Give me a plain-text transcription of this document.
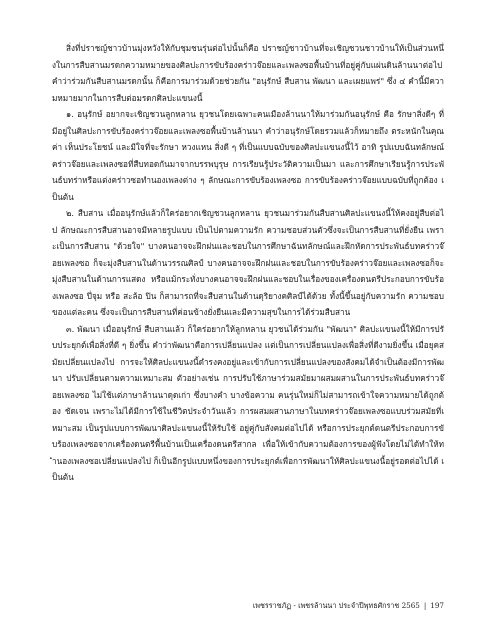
สิ่งที่ปราชญ์ชาวบ้านมุ่งหวังให้กับชุมชนรุ่นต่อไปนั้นก็คือ ปราชญ์ชาวบ้านที่จะเชิญชวนชาวบ้านให้เป็นส่วนหนึ่งในการสืบสานมรดกความหมายของศิลปะการขับร้องคร่าวจ๊อยและเพลงซอพื้นบ้านที่อยู่คู่กับแผ่นดินล้านนาต่อไป คำว่าร่วมกันสืบสานมรดกนั้น ก็คือการมาร่วมด้วยช่วยกัน "อนุรักษ์ สืบสาน พัฒนา และเผยแพร่" ซึ่ง ๔ คำนี้มีความหมายมากในการสืบต่อมรดกศิลปะแขนงนี้

๑. อนุรักษ์ อยากจะเชิญชวนลูกหลาน ยุวชนโดยเฉพาะคนเมืองล้านนาให้มาร่วมกันอนุรักษ์ คือ รักษาสิ่งดีๆ ที่มีอยู่ในศิลปะการขับร้องคร่าวจ๊อยและเพลงซอพื้นบ้านล้านนา คำว่าอนุรักษ์โดยรวมแล้วก็หมายถึง ตระหนักในคุณค่า เห็นประโยชน์ และมีใจที่จะรักษา หวงแหน สิ่งดี ๆ ที่เป็นแบบฉบับของศิลปะแขนงนี้ไว้ อาทิ รูปแบบฉันทลักษณ์คร่าวจ๊อยและเพลงซอที่สืบทอดกันมาจากบรรพบุรุษ การเรียนรู้ประวัติความเป็นมา และการศึกษาเรียนรู้การประพันธ์บทร่าหรือแต่งคร่าวซอทำนองเพลงต่าง ๆ ลักษณะการขับร้องเพลงซอ การขับร้องคร่าวจ๊อยแบบฉบับที่ถูกต้อง เป็นต้น

๒. สืบสาน เมื่ออนุรักษ์แล้วก็ใคร่อยากเชิญชวนลูกหลาน ยุวชนมาร่วมกันสืบสานศิลปะแขนงนี้ให้คงอยู่สืบต่อไป ลักษณะการสืบสานอาจมีหลายรูปแบบ เป็นไปตามความรัก ความชอบส่วนตัวซึ่งจะเป็นการสืบสานที่ยั่งยืน เพราะเป็นการสืบสาน "ด้วยใจ" บางคนอาจจะฝึกฝนและชอบในการศึกษาฉันทลักษณ์และฝึกหัดการประพันธ์บทคร่าวจ๊อยเพลงซอ ก็จะมุ่งสืบสานในด้านวรรณศิลป์ บางคนอาจจะฝึกฝนและชอบในการขับร้องคร่าวจ๊อยและเพลงซอก็จะมุ่งสืบสานในด้านการแสดง หรือแม้กระทั่งบางคนอาจจะฝึกฝนและชอบในเรื่องของเครื่องดนตรีประกอบการขับร้องเพลงซอ ปี่จุม หรือ สะล้อ ปิน ก็สามารถที่จะสืบสานในด้านดุริยางคศิลป์ได้ด้วย ทั้งนี้ขึ้นอยู่กับความรัก ความชอบของแต่ละคน ซึ่งจะเป็นการสืบสานที่ค่อนข้างยั่งยืนและมีความสุขในการได้ร่วมสืบสาน

๓. พัฒนา เมื่ออนุรักษ์ สืบสานแล้ว ก็ใคร่อยากให้ลูกหลาน ยุวชนได้ร่วมกัน "พัฒนา" ศิลปะแขนงนี้ให้มีการปรับประยุกต์เพื่อสิ่งที่ดี ๆ ยิ่งขึ้น คำว่าพัฒนาคือการเปลี่ยนแปลง แต่เป็นการเปลี่ยนแปลงเพื่อสิ่งที่ดีงามยิ่งขึ้น เมื่อยุคสมัยเปลี่ยนแปลงไป การจะให้ศิลปะแขนงนี้ดำรงคงอยู่และเข้ากับการเปลี่ยนแปลงของสังคมได้จำเป็นต้องมีการพัฒนา ปรับเปลี่ยนตามความเหมาะสม ตัวอย่างเช่น การปรับใช้ภาษาร่วมสมัยมาผสมผสานในการประพันธ์บทคร่าวจ๊อยเพลงซอ ไม่ใช้แต่ภาษาล้านนาดุดเก่า ซึ่งบางคำ บางข้อความ คนรุ่นใหม่ก็ไม่สามารถเข้าใจความหมายได้ถูกต้อง ชัดเจน เพราะไม่ได้มีการใช้ในชีวิตประจำวันแล้ว การผสมผสานภาษาในบทคร่าวจ๊อยเพลงซอแบบร่วมสมัยที่เหมาะสม เป็นรูปแบบการพัฒนาศิลปะแขนงนี้ให้รับใช้ อยู่คู่กับสังคมต่อไปได้ หรือการประยุกต์ดนตรีประกอบการขับร้องเพลงซอจากเครื่องดนตรีพื้นบ้านเป็นเครื่องดนตรีสากล เพื่อให้เข้ากับความต้องการของผู้ฟังโดยไม่ได้ทำให้ทำนองเพลงซอเปลี่ยนแปลงไป ก็เป็นอีกรูปแบบหนึ่งของการประยุกต์เพื่อการพัฒนาให้ศิลปะแขนงนี้อยู่รอดต่อไปได้ เป็นต้น

เพชรราชภัฏ - เพชรล้านนา ประจำปีพุทธศักราช 2565 | 197
